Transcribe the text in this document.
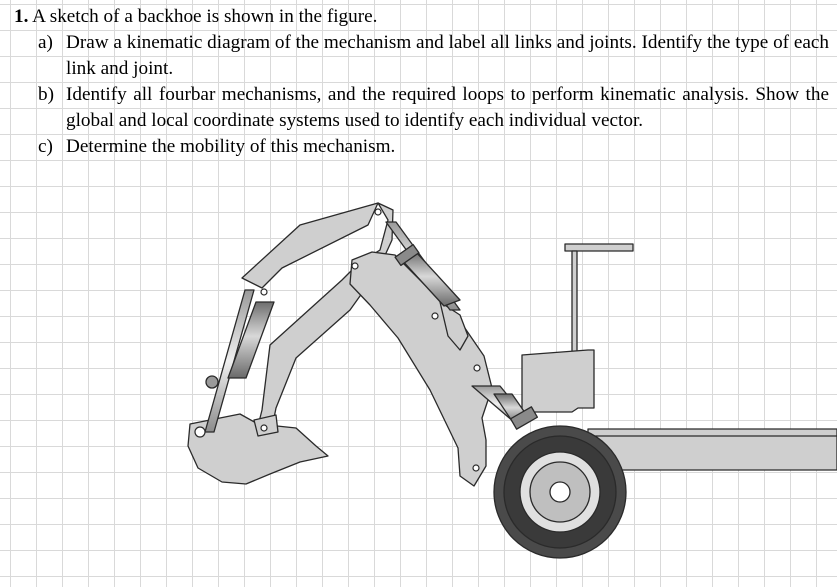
1. A sketch of a backhoe is shown in the figure.
a) Draw a kinematic diagram of the mechanism and label all links and joints. Identify the type of each link and joint.
b) Identify all fourbar mechanisms, and the required loops to perform kinematic analysis. Show the global and local coordinate systems used to identify each individual vector.
c) Determine the mobility of this mechanism.
